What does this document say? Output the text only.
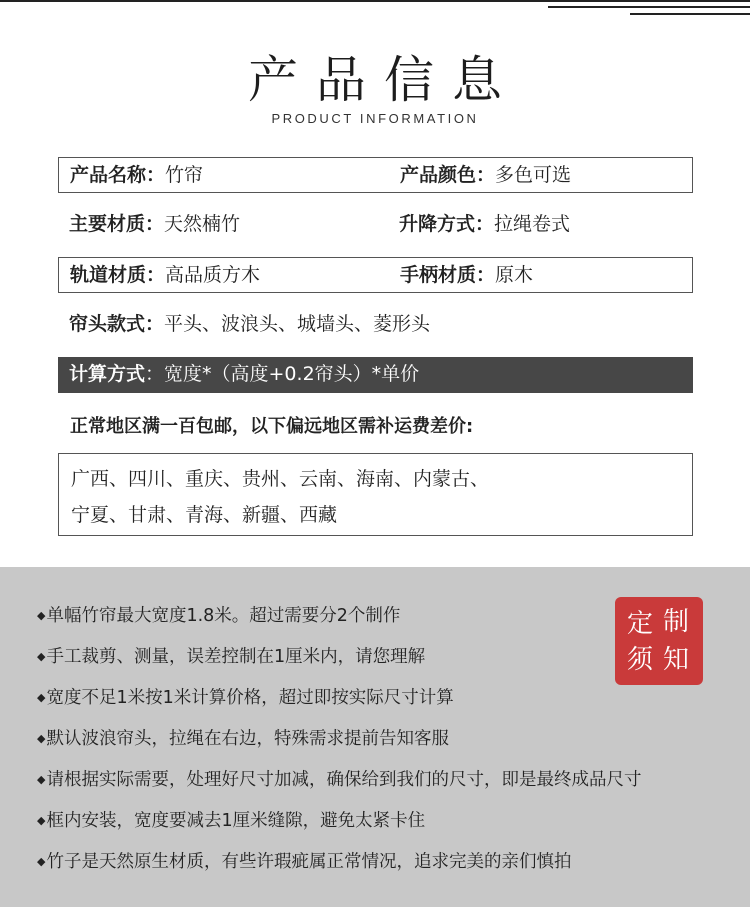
产品信息
PRODUCT INFORMATION
产品名称：竹帘	产品颜色：多色可选
主要材质：天然楠竹	升降方式：拉绳卷式
轨道材质：高品质方木	手柄材质：原木
帘头款式：平头、波浪头、城墙头、菱形头
计算方式：宽度*（高度+0.2帘头）*单价
正常地区满一百包邮，以下偏远地区需补运费差价:
广西、四川、重庆、贵州、云南、海南、内蒙古、
宁夏、甘肃、青海、新疆、西藏
◆单幅竹帘最大宽度1.8米。超过需要分2个制作
◆手工裁剪、测量，误差控制在1厘米内，请您理解
◆宽度不足1米按1米计算价格，超过即按实际尺寸计算
◆默认波浪帘头，拉绳在右边，特殊需求提前告知客服
◆请根据实际需要，处理好尺寸加减，确保给到我们的尺寸，即是最终成品尺寸
◆框内安装，宽度要减去1厘米缝隙，避免太紧卡住
◆竹子是天然原生材质，有些许瑕疵属正常情况，追求完美的亲们慎拍
定 制
须 知
